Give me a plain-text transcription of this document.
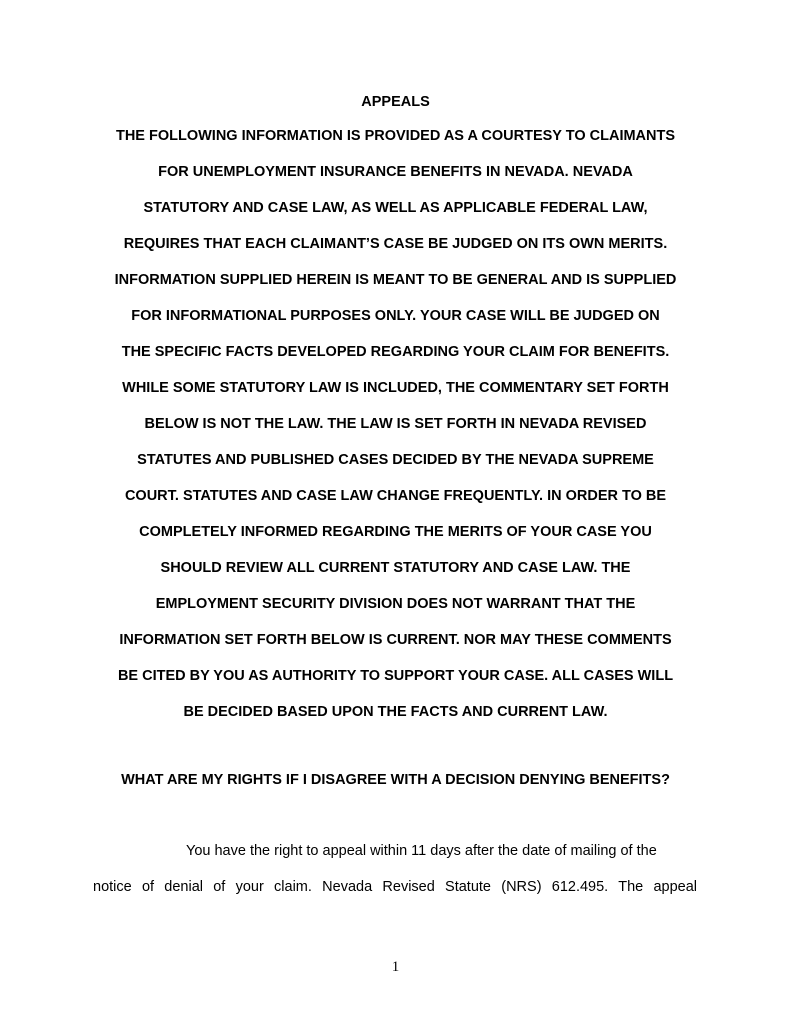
APPEALS
THE FOLLOWING INFORMATION IS PROVIDED AS A COURTESY TO CLAIMANTS
FOR UNEMPLOYMENT INSURANCE BENEFITS IN NEVADA. NEVADA
STATUTORY AND CASE LAW, AS WELL AS APPLICABLE FEDERAL LAW,
REQUIRES THAT EACH CLAIMANT’S CASE BE JUDGED ON ITS OWN MERITS.
INFORMATION SUPPLIED HEREIN IS MEANT TO BE GENERAL AND IS SUPPLIED
FOR INFORMATIONAL PURPOSES ONLY. YOUR CASE WILL BE JUDGED ON
THE SPECIFIC FACTS DEVELOPED REGARDING YOUR CLAIM FOR BENEFITS.
WHILE SOME STATUTORY LAW IS INCLUDED, THE COMMENTARY SET FORTH
BELOW IS NOT THE LAW. THE LAW IS SET FORTH IN NEVADA REVISED
STATUTES AND PUBLISHED CASES DECIDED BY THE NEVADA SUPREME
COURT. STATUTES AND CASE LAW CHANGE FREQUENTLY. IN ORDER TO BE
COMPLETELY INFORMED REGARDING THE MERITS OF YOUR CASE YOU
SHOULD REVIEW ALL CURRENT STATUTORY AND CASE LAW. THE
EMPLOYMENT SECURITY DIVISION DOES NOT WARRANT THAT THE
INFORMATION SET FORTH BELOW IS CURRENT. NOR MAY THESE COMMENTS
BE CITED BY YOU AS AUTHORITY TO SUPPORT YOUR CASE. ALL CASES WILL
BE DECIDED BASED UPON THE FACTS AND CURRENT LAW.
WHAT ARE MY RIGHTS IF I DISAGREE WITH A DECISION DENYING BENEFITS?
You have the right to appeal within 11 days after the date of mailing of the
notice of denial of your claim. Nevada Revised Statute (NRS) 612.495. The appeal
1
